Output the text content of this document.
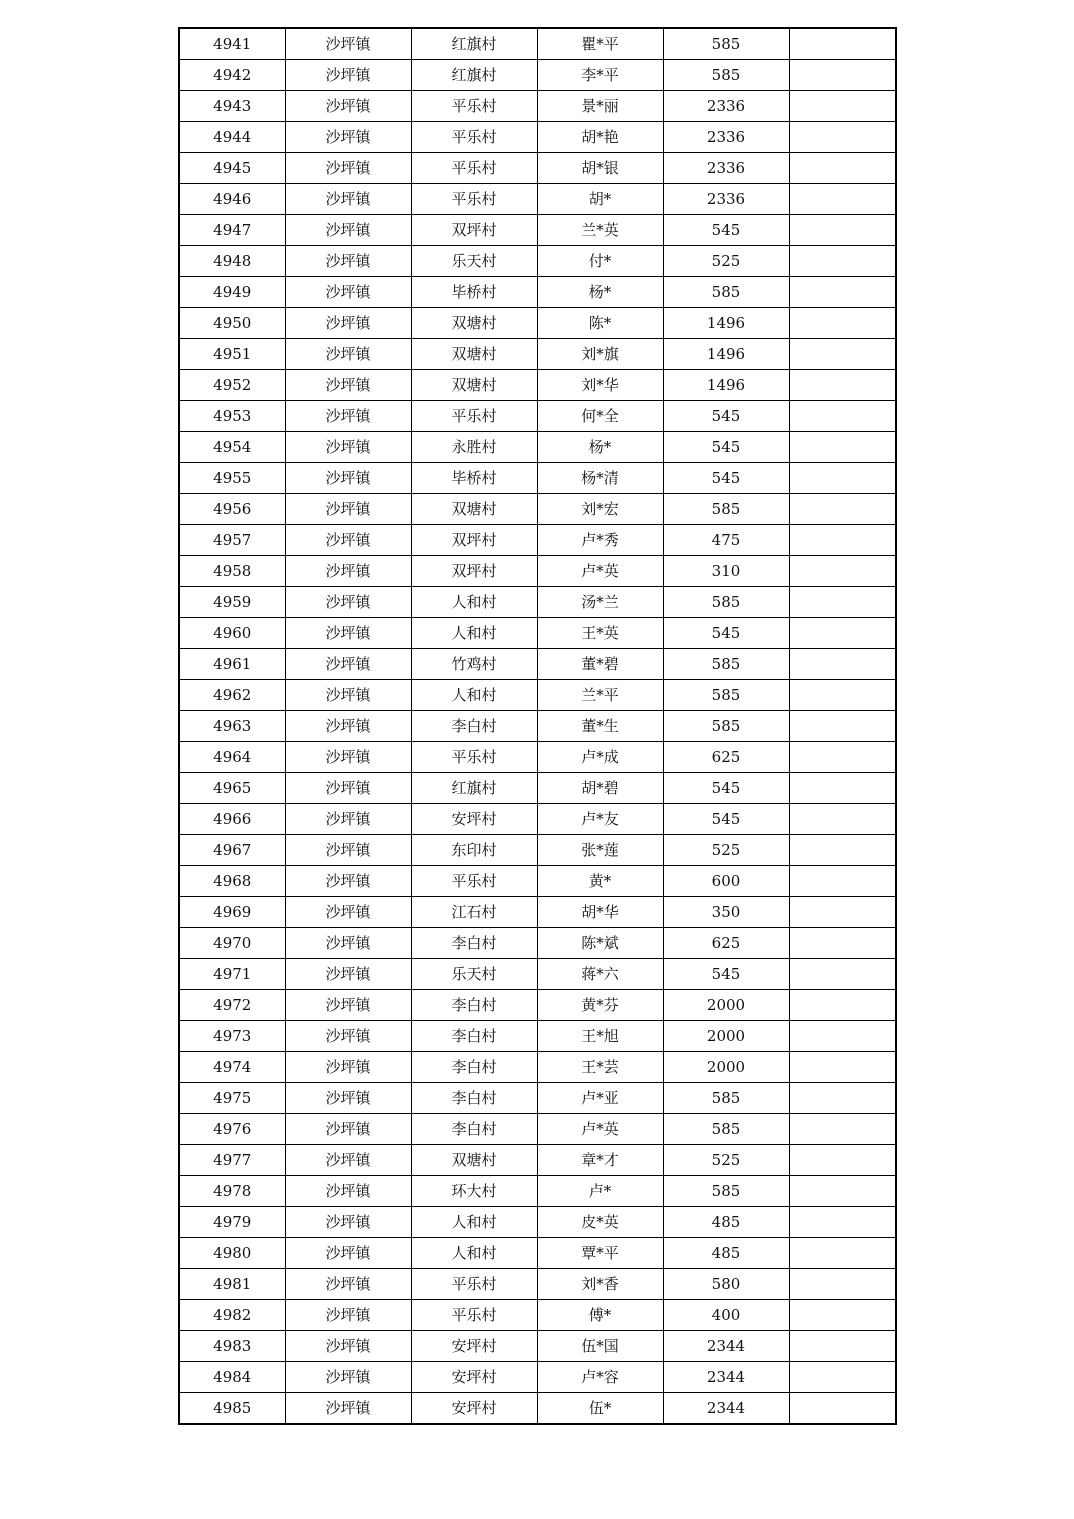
4941	沙坪镇	红旗村	瞿*平	585	
4942	沙坪镇	红旗村	李*平	585	
4943	沙坪镇	平乐村	景*丽	2336	
4944	沙坪镇	平乐村	胡*艳	2336	
4945	沙坪镇	平乐村	胡*银	2336	
4946	沙坪镇	平乐村	胡*	2336	
4947	沙坪镇	双坪村	兰*英	545	
4948	沙坪镇	乐天村	付*	525	
4949	沙坪镇	毕桥村	杨*	585	
4950	沙坪镇	双塘村	陈*	1496	
4951	沙坪镇	双塘村	刘*旗	1496	
4952	沙坪镇	双塘村	刘*华	1496	
4953	沙坪镇	平乐村	何*全	545	
4954	沙坪镇	永胜村	杨*	545	
4955	沙坪镇	毕桥村	杨*清	545	
4956	沙坪镇	双塘村	刘*宏	585	
4957	沙坪镇	双坪村	卢*秀	475	
4958	沙坪镇	双坪村	卢*英	310	
4959	沙坪镇	人和村	汤*兰	585	
4960	沙坪镇	人和村	王*英	545	
4961	沙坪镇	竹鸡村	董*碧	585	
4962	沙坪镇	人和村	兰*平	585	
4963	沙坪镇	李白村	董*生	585	
4964	沙坪镇	平乐村	卢*成	625	
4965	沙坪镇	红旗村	胡*碧	545	
4966	沙坪镇	安坪村	卢*友	545	
4967	沙坪镇	东印村	张*莲	525	
4968	沙坪镇	平乐村	黄*	600	
4969	沙坪镇	江石村	胡*华	350	
4970	沙坪镇	李白村	陈*斌	625	
4971	沙坪镇	乐天村	蒋*六	545	
4972	沙坪镇	李白村	黄*芬	2000	
4973	沙坪镇	李白村	王*旭	2000	
4974	沙坪镇	李白村	王*芸	2000	
4975	沙坪镇	李白村	卢*亚	585	
4976	沙坪镇	李白村	卢*英	585	
4977	沙坪镇	双塘村	章*才	525	
4978	沙坪镇	环大村	卢*	585	
4979	沙坪镇	人和村	皮*英	485	
4980	沙坪镇	人和村	覃*平	485	
4981	沙坪镇	平乐村	刘*香	580	
4982	沙坪镇	平乐村	傅*	400	
4983	沙坪镇	安坪村	伍*国	2344	
4984	沙坪镇	安坪村	卢*容	2344	
4985	沙坪镇	安坪村	伍*	2344	
